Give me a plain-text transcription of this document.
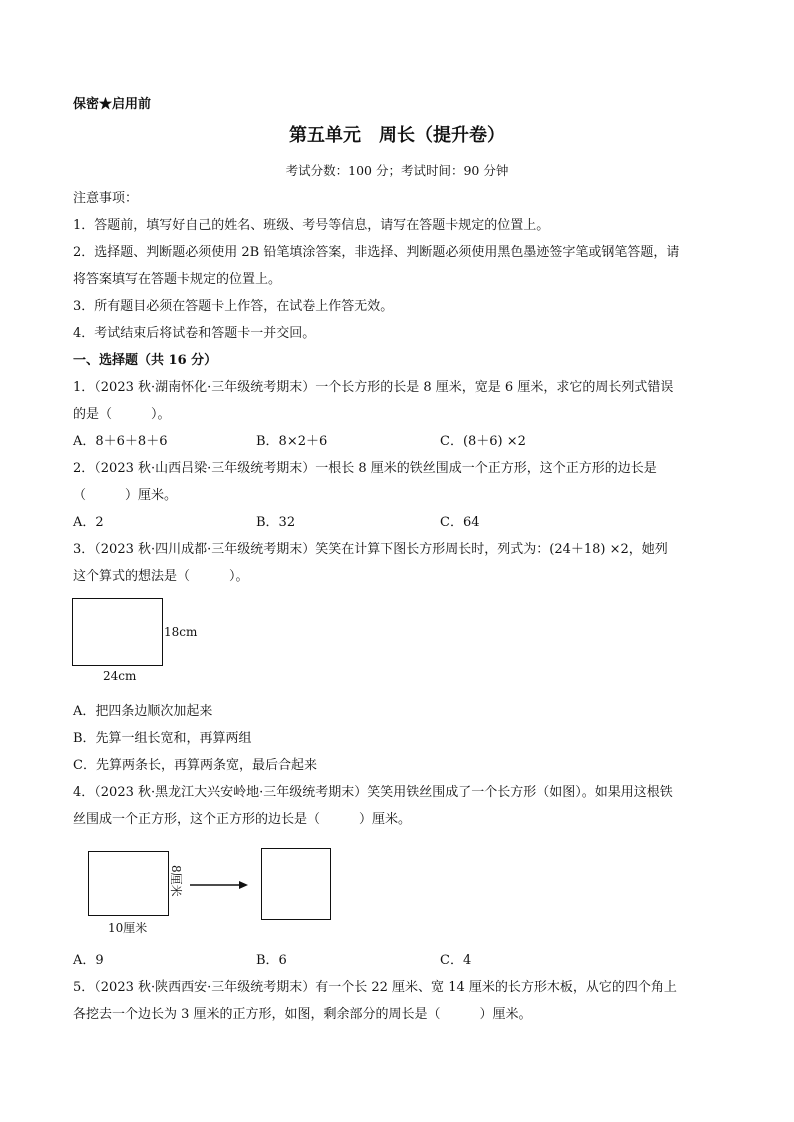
保密★启用前
第五单元　周长（提升卷）
考试分数：100 分；考试时间：90 分钟
注意事项：
1．答题前，填写好自己的姓名、班级、考号等信息，请写在答题卡规定的位置上。
2．选择题、判断题必须使用 2B 铅笔填涂答案，非选择、判断题必须使用黑色墨迹签字笔或钢笔答题，请
将答案填写在答题卡规定的位置上。
3．所有题目必须在答题卡上作答，在试卷上作答无效。
4．考试结束后将试卷和答题卡一并交回。
一、选择题（共 16 分）
1．（2023 秋·湖南怀化·三年级统考期末）一个长方形的长是 8 厘米，宽是 6 厘米，求它的周长列式错误
的是（　　　）。
A．8＋6＋8＋6	B．8×2＋6	C．(8＋6) ×2
2．（2023 秋·山西吕梁·三年级统考期末）一根长 8 厘米的铁丝围成一个正方形，这个正方形的边长是
（　　　）厘米。
A．2	B．32	C．64
3．（2023 秋·四川成都·三年级统考期末）笑笑在计算下图长方形周长时，列式为：(24＋18) ×2，她列
这个算式的想法是（　　　）。
18cm
24cm
A．把四条边顺次加起来
B．先算一组长宽和，再算两组
C．先算两条长，再算两条宽，最后合起来
4．（2023 秋·黑龙江大兴安岭地·三年级统考期末）笑笑用铁丝围成了一个长方形（如图）。如果用这根铁
丝围成一个正方形，这个正方形的边长是（　　　）厘米。
8厘米
10厘米
A．9	B．6	C．4
5．（2023 秋·陕西西安·三年级统考期末）有一个长 22 厘米、宽 14 厘米的长方形木板，从它的四个角上
各挖去一个边长为 3 厘米的正方形，如图，剩余部分的周长是（　　　）厘米。
